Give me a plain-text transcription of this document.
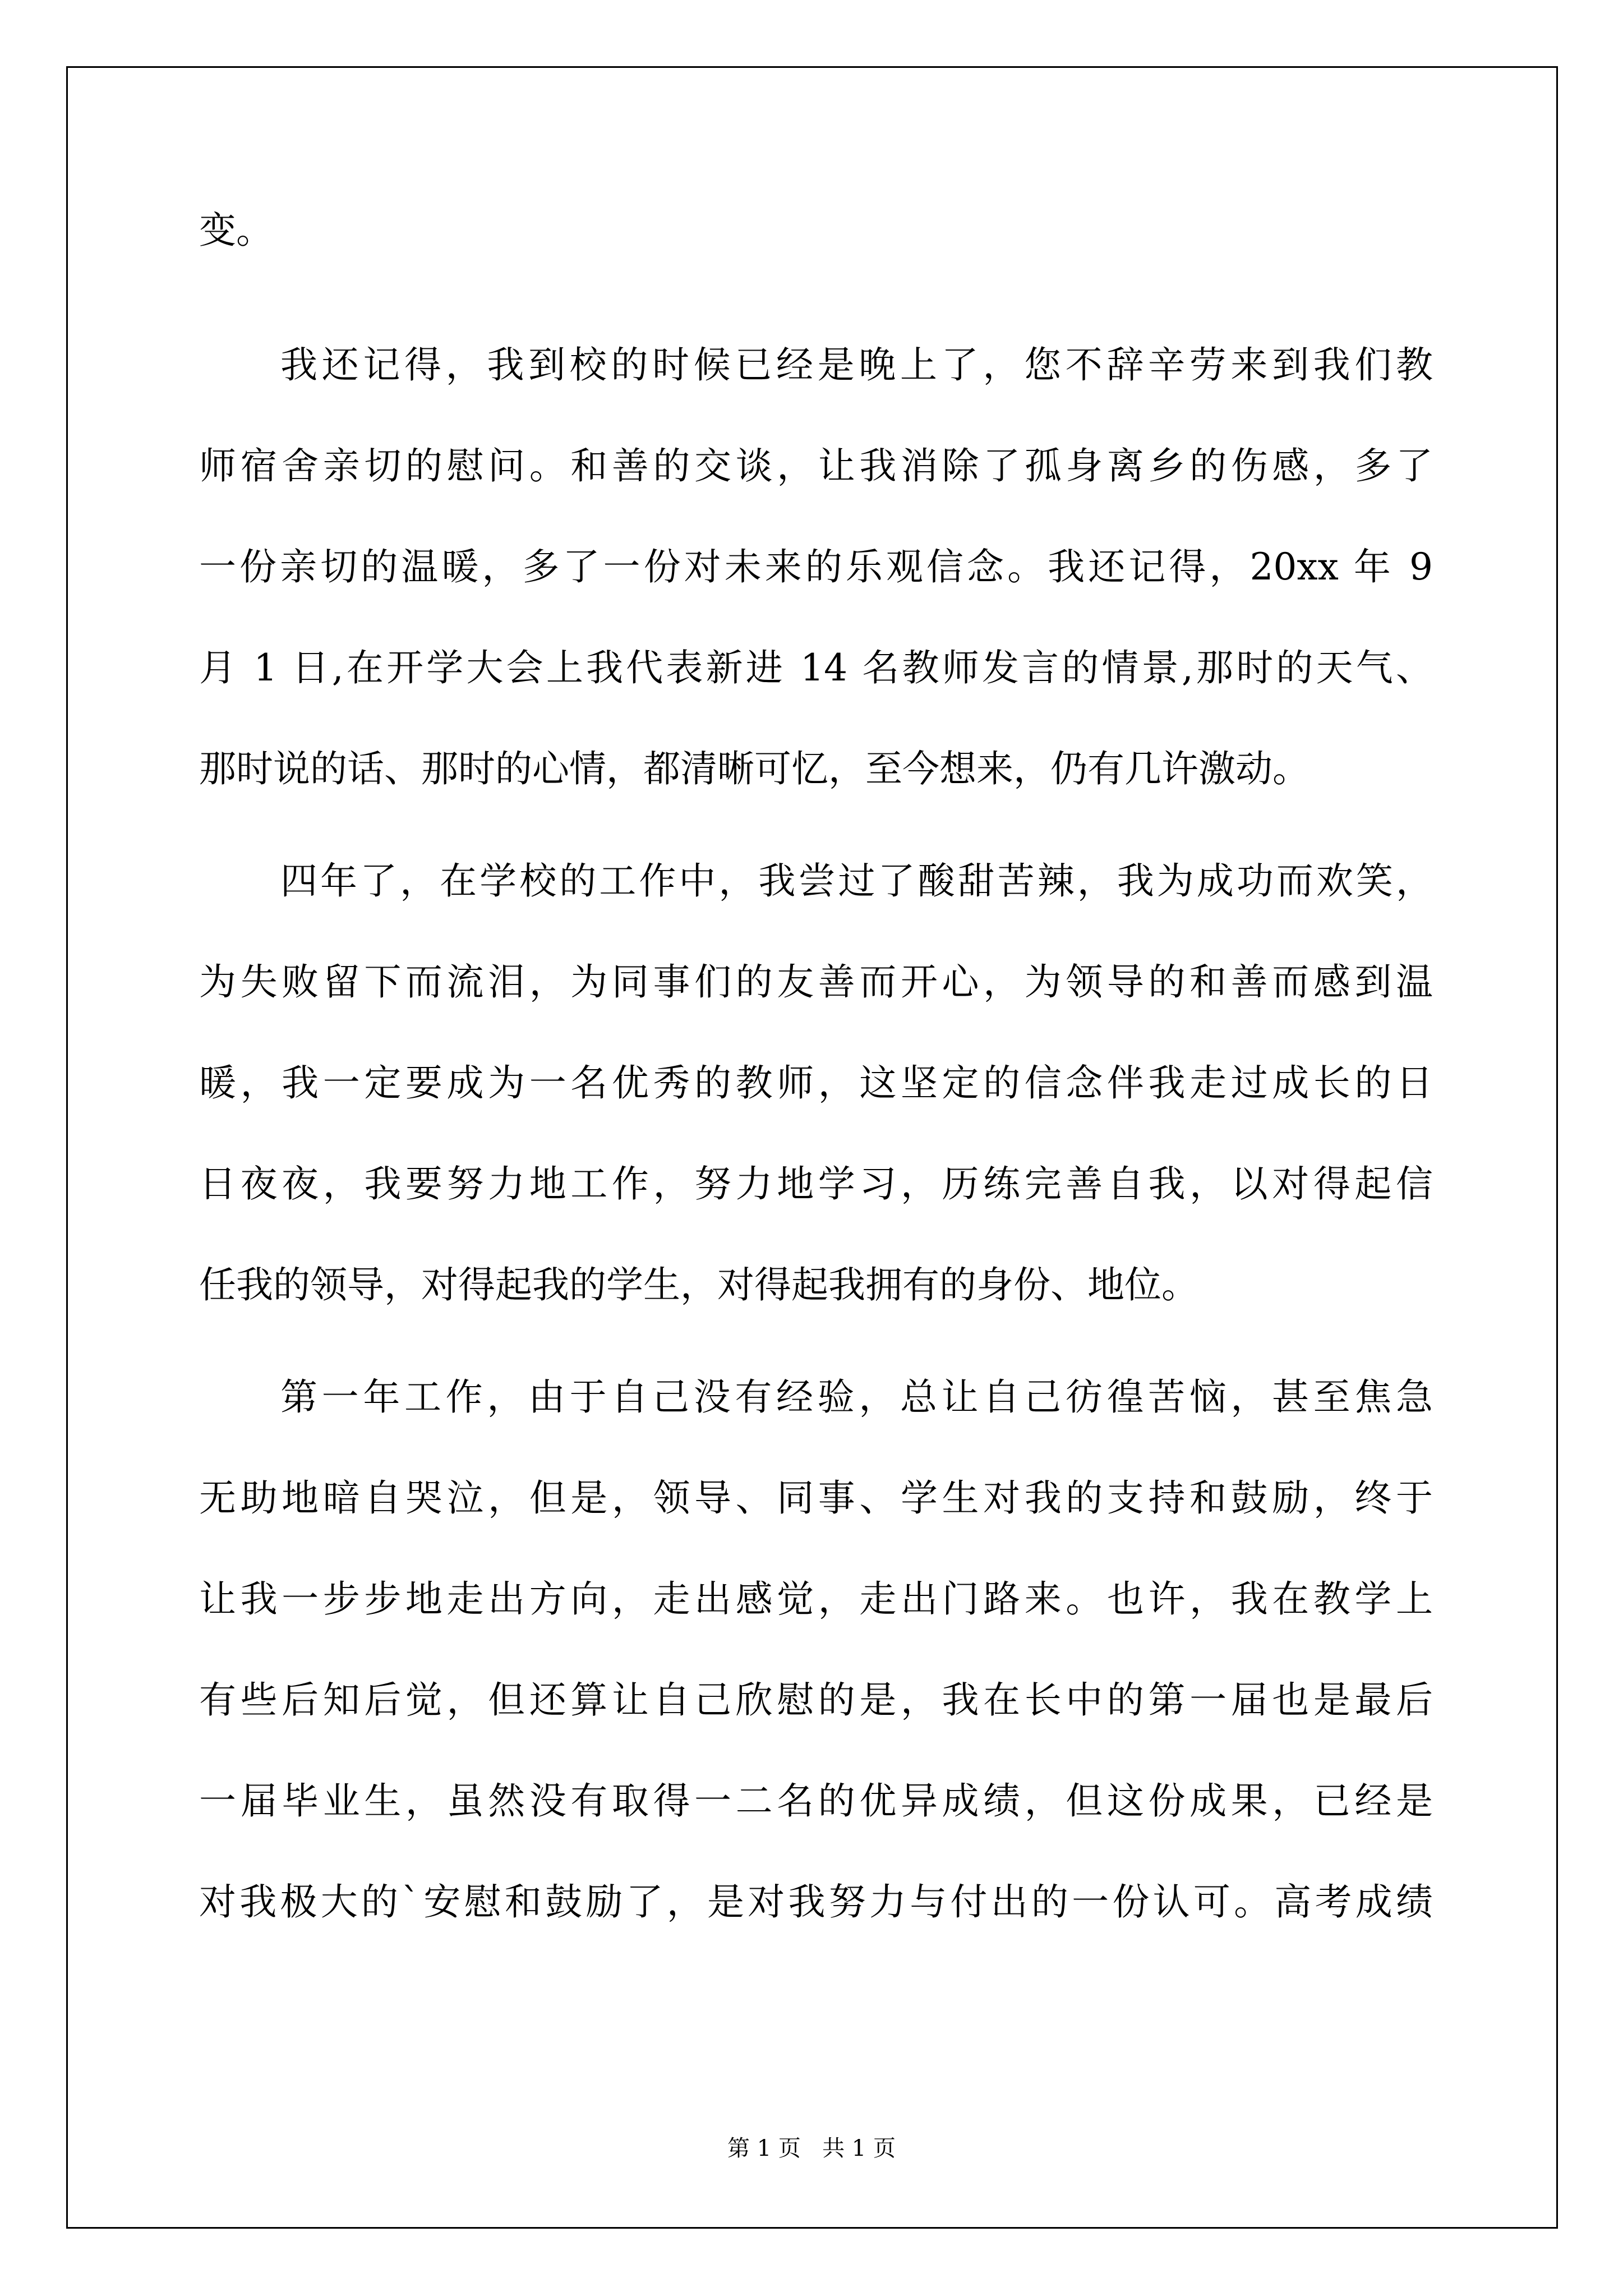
变。
我还记得，我到校的时候已经是晚上了，您不辞辛劳来到我们教
师宿舍亲切的慰问。和善的交谈，让我消除了孤身离乡的伤感，多了
一份亲切的温暖，多了一份对未来的乐观信念。我还记得，20xx 年 9
月 1 日,在开学大会上我代表新进 14 名教师发言的情景,那时的天气、
那时说的话、那时的心情，都清晰可忆，至今想来，仍有几许激动。
四年了，在学校的工作中，我尝过了酸甜苦辣，我为成功而欢笑，
为失败留下而流泪，为同事们的友善而开心，为领导的和善而感到温
暖，我一定要成为一名优秀的教师，这坚定的信念伴我走过成长的日
日夜夜，我要努力地工作，努力地学习，历练完善自我，以对得起信
任我的领导，对得起我的学生，对得起我拥有的身份、地位。
第一年工作，由于自己没有经验，总让自己彷徨苦恼，甚至焦急
无助地暗自哭泣，但是，领导、同事、学生对我的支持和鼓励，终于
让我一步步地走出方向，走出感觉，走出门路来。也许，我在教学上
有些后知后觉，但还算让自己欣慰的是，我在长中的第一届也是最后
一届毕业生，虽然没有取得一二名的优异成绩，但这份成果，已经是
对我极大的`安慰和鼓励了，是对我努力与付出的一份认可。高考成绩
第 1 页   共 1 页
